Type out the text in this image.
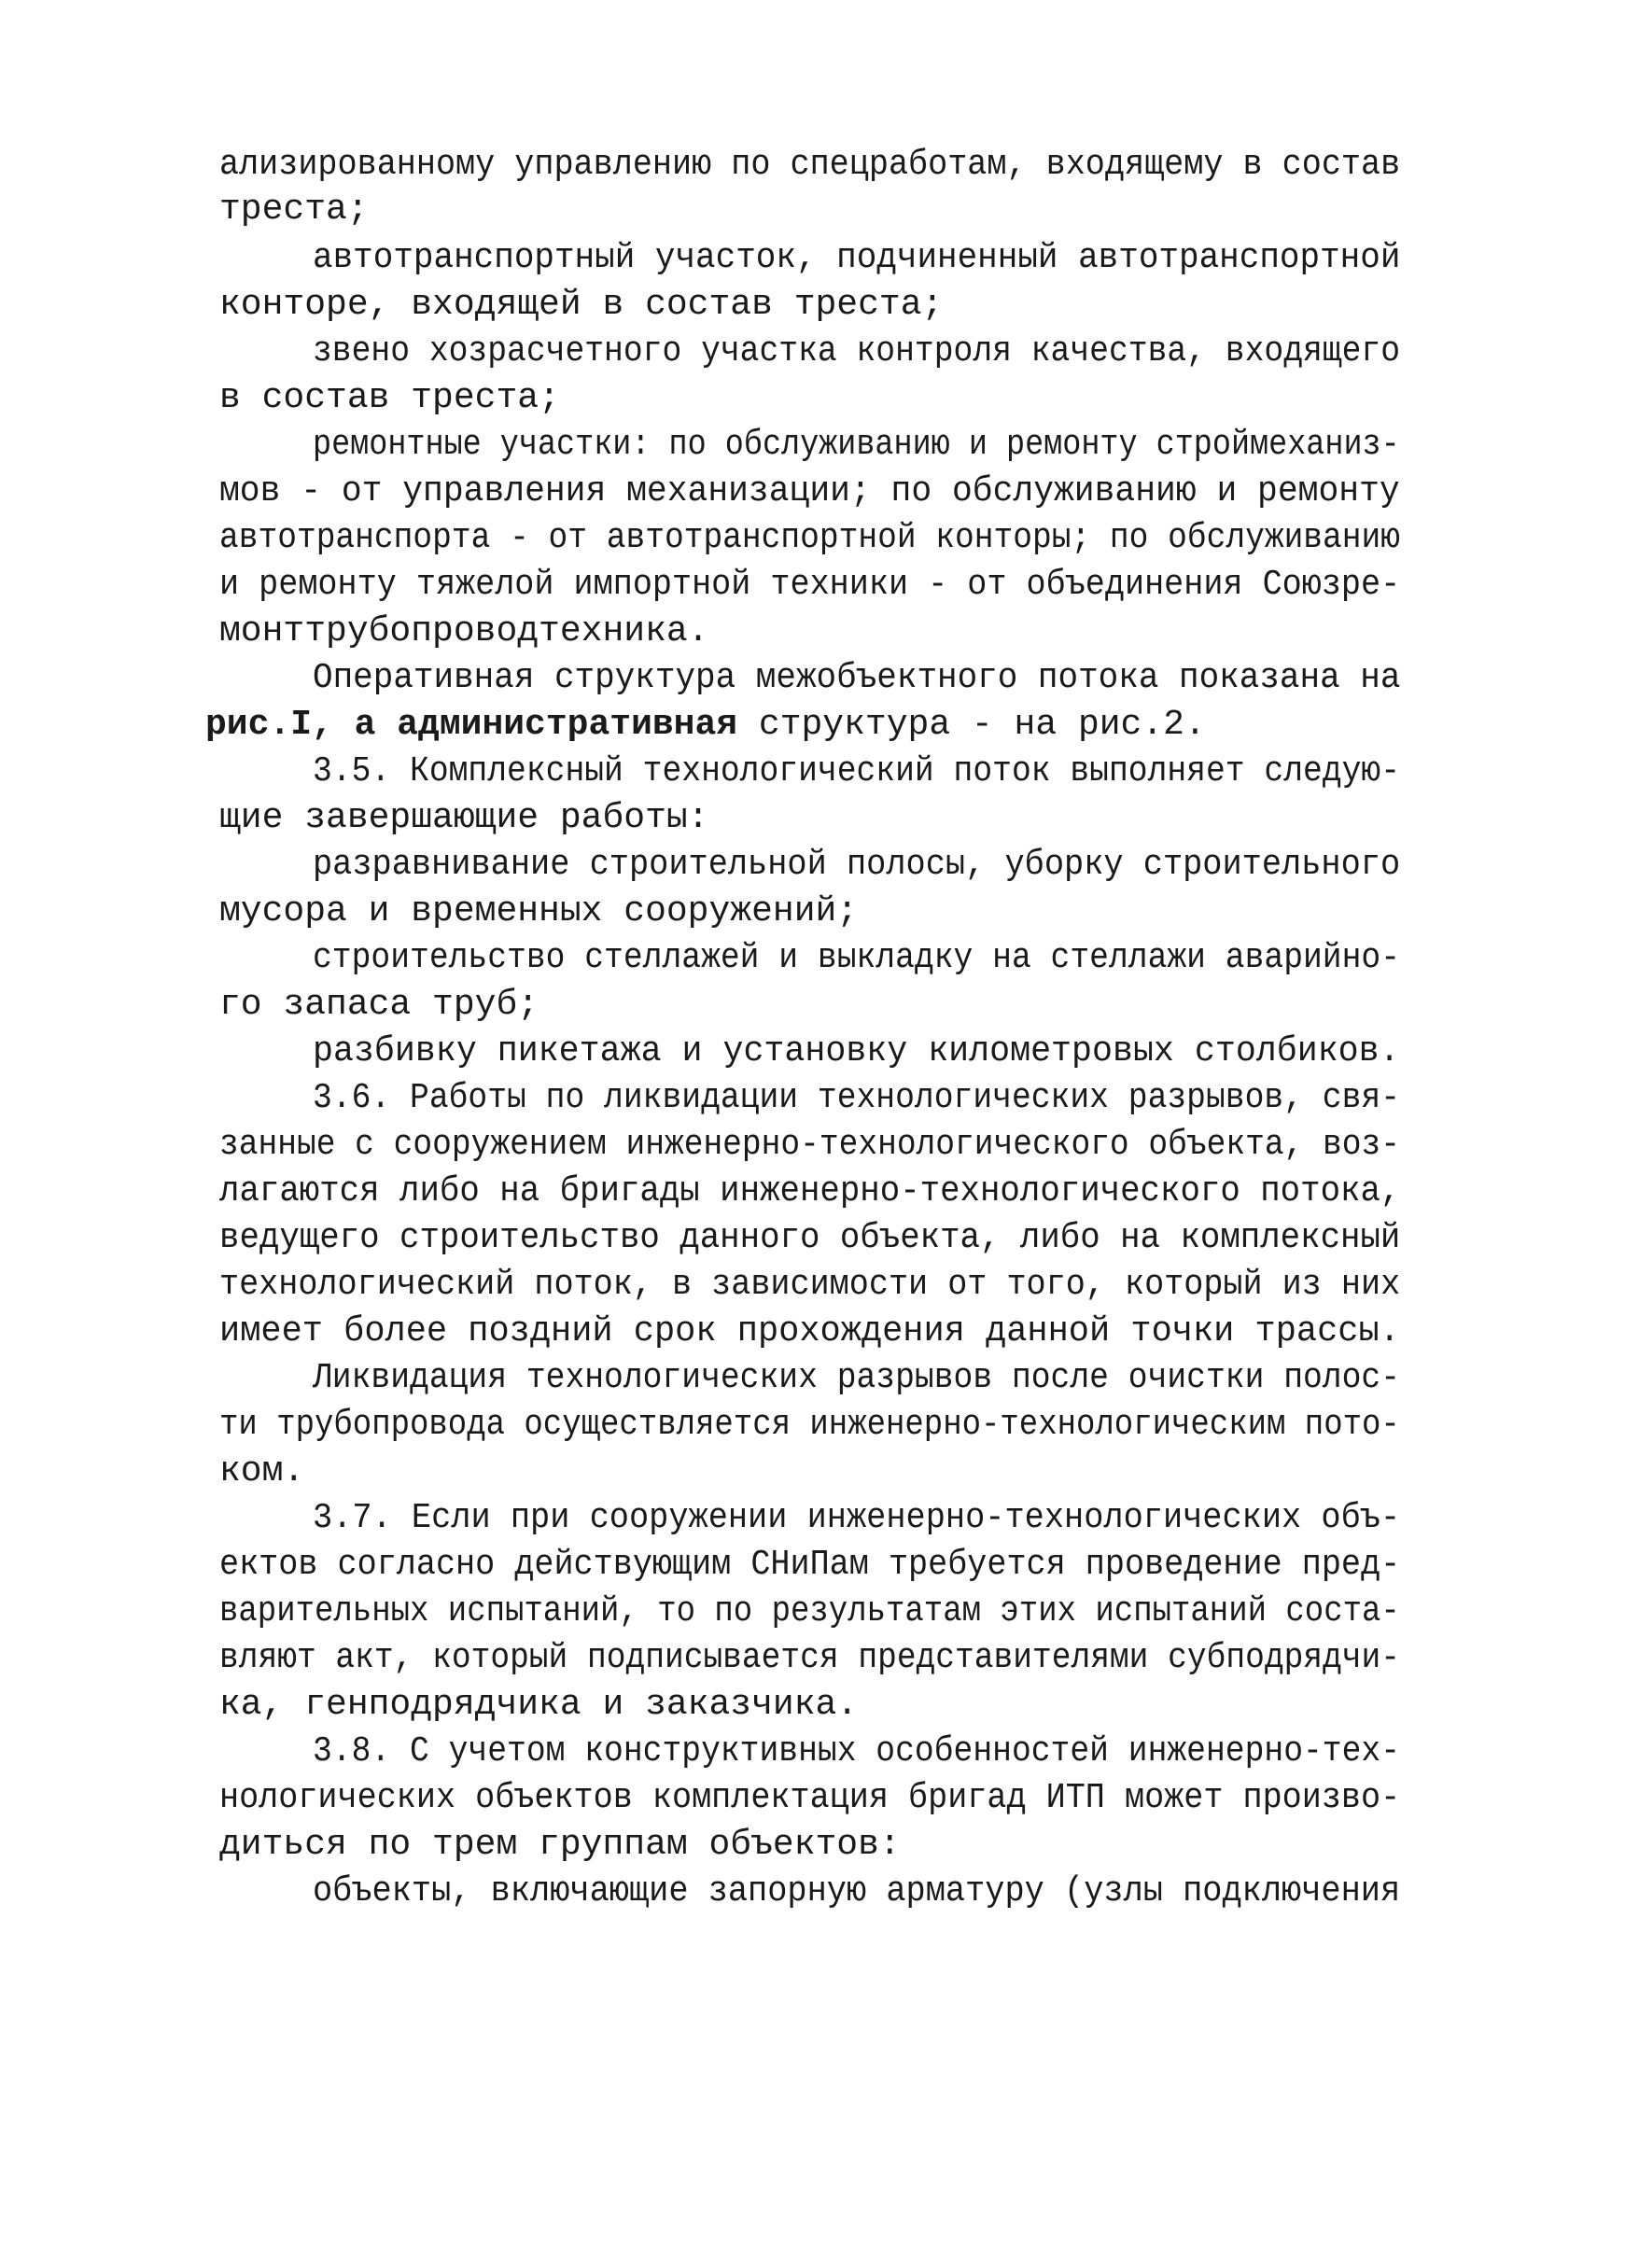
ализированному управлению по спецработам, входящему в состав
треста;
автотранспортный участок, подчиненный автотранспортной
конторе, входящей в состав треста;
звено хозрасчетного участка контроля качества, входящего
в состав треста;
ремонтные участки: по обслуживанию и ремонту строймеханиз-
мов - от управления механизации; по обслуживанию и ремонту
автотранспорта - от автотранспортной конторы; по обслуживанию
и ремонту тяжелой импортной техники - от объединения Союзре-
монттрубопроводтехника.
Оперативная структура межобъектного потока показана на
рис.I, а административная структура - на рис.2.
3.5. Комплексный технологический поток выполняет следую-
щие завершающие работы:
разравнивание строительной полосы, уборку строительного
мусора и временных сооружений;
строительство стеллажей и выкладку на стеллажи аварийно-
го запаса труб;
разбивку пикетажа и установку километровых столбиков.
3.6. Работы по ликвидации технологических разрывов, свя-
занные с сооружением инженерно-технологического объекта, воз-
лагаются либо на бригады инженерно-технологического потока,
ведущего строительство данного объекта, либо на комплексный
технологический поток, в зависимости от того, который из них
имеет более поздний срок прохождения данной точки трассы.
Ликвидация технологических разрывов после очистки полос-
ти трубопровода осуществляется инженерно-технологическим пото-
ком.
3.7. Если при сооружении инженерно-технологических объ-
ектов согласно действующим СНиПам требуется проведение пред-
варительных испытаний, то по результатам этих испытаний соста-
вляют акт, который подписывается представителями субподрядчи-
ка, генподрядчика и заказчика.
3.8. С учетом конструктивных особенностей инженерно-тех-
нологических объектов комплектация бригад ИТП может произво-
диться по трем группам объектов:
объекты, включающие запорную арматуру (узлы подключения
